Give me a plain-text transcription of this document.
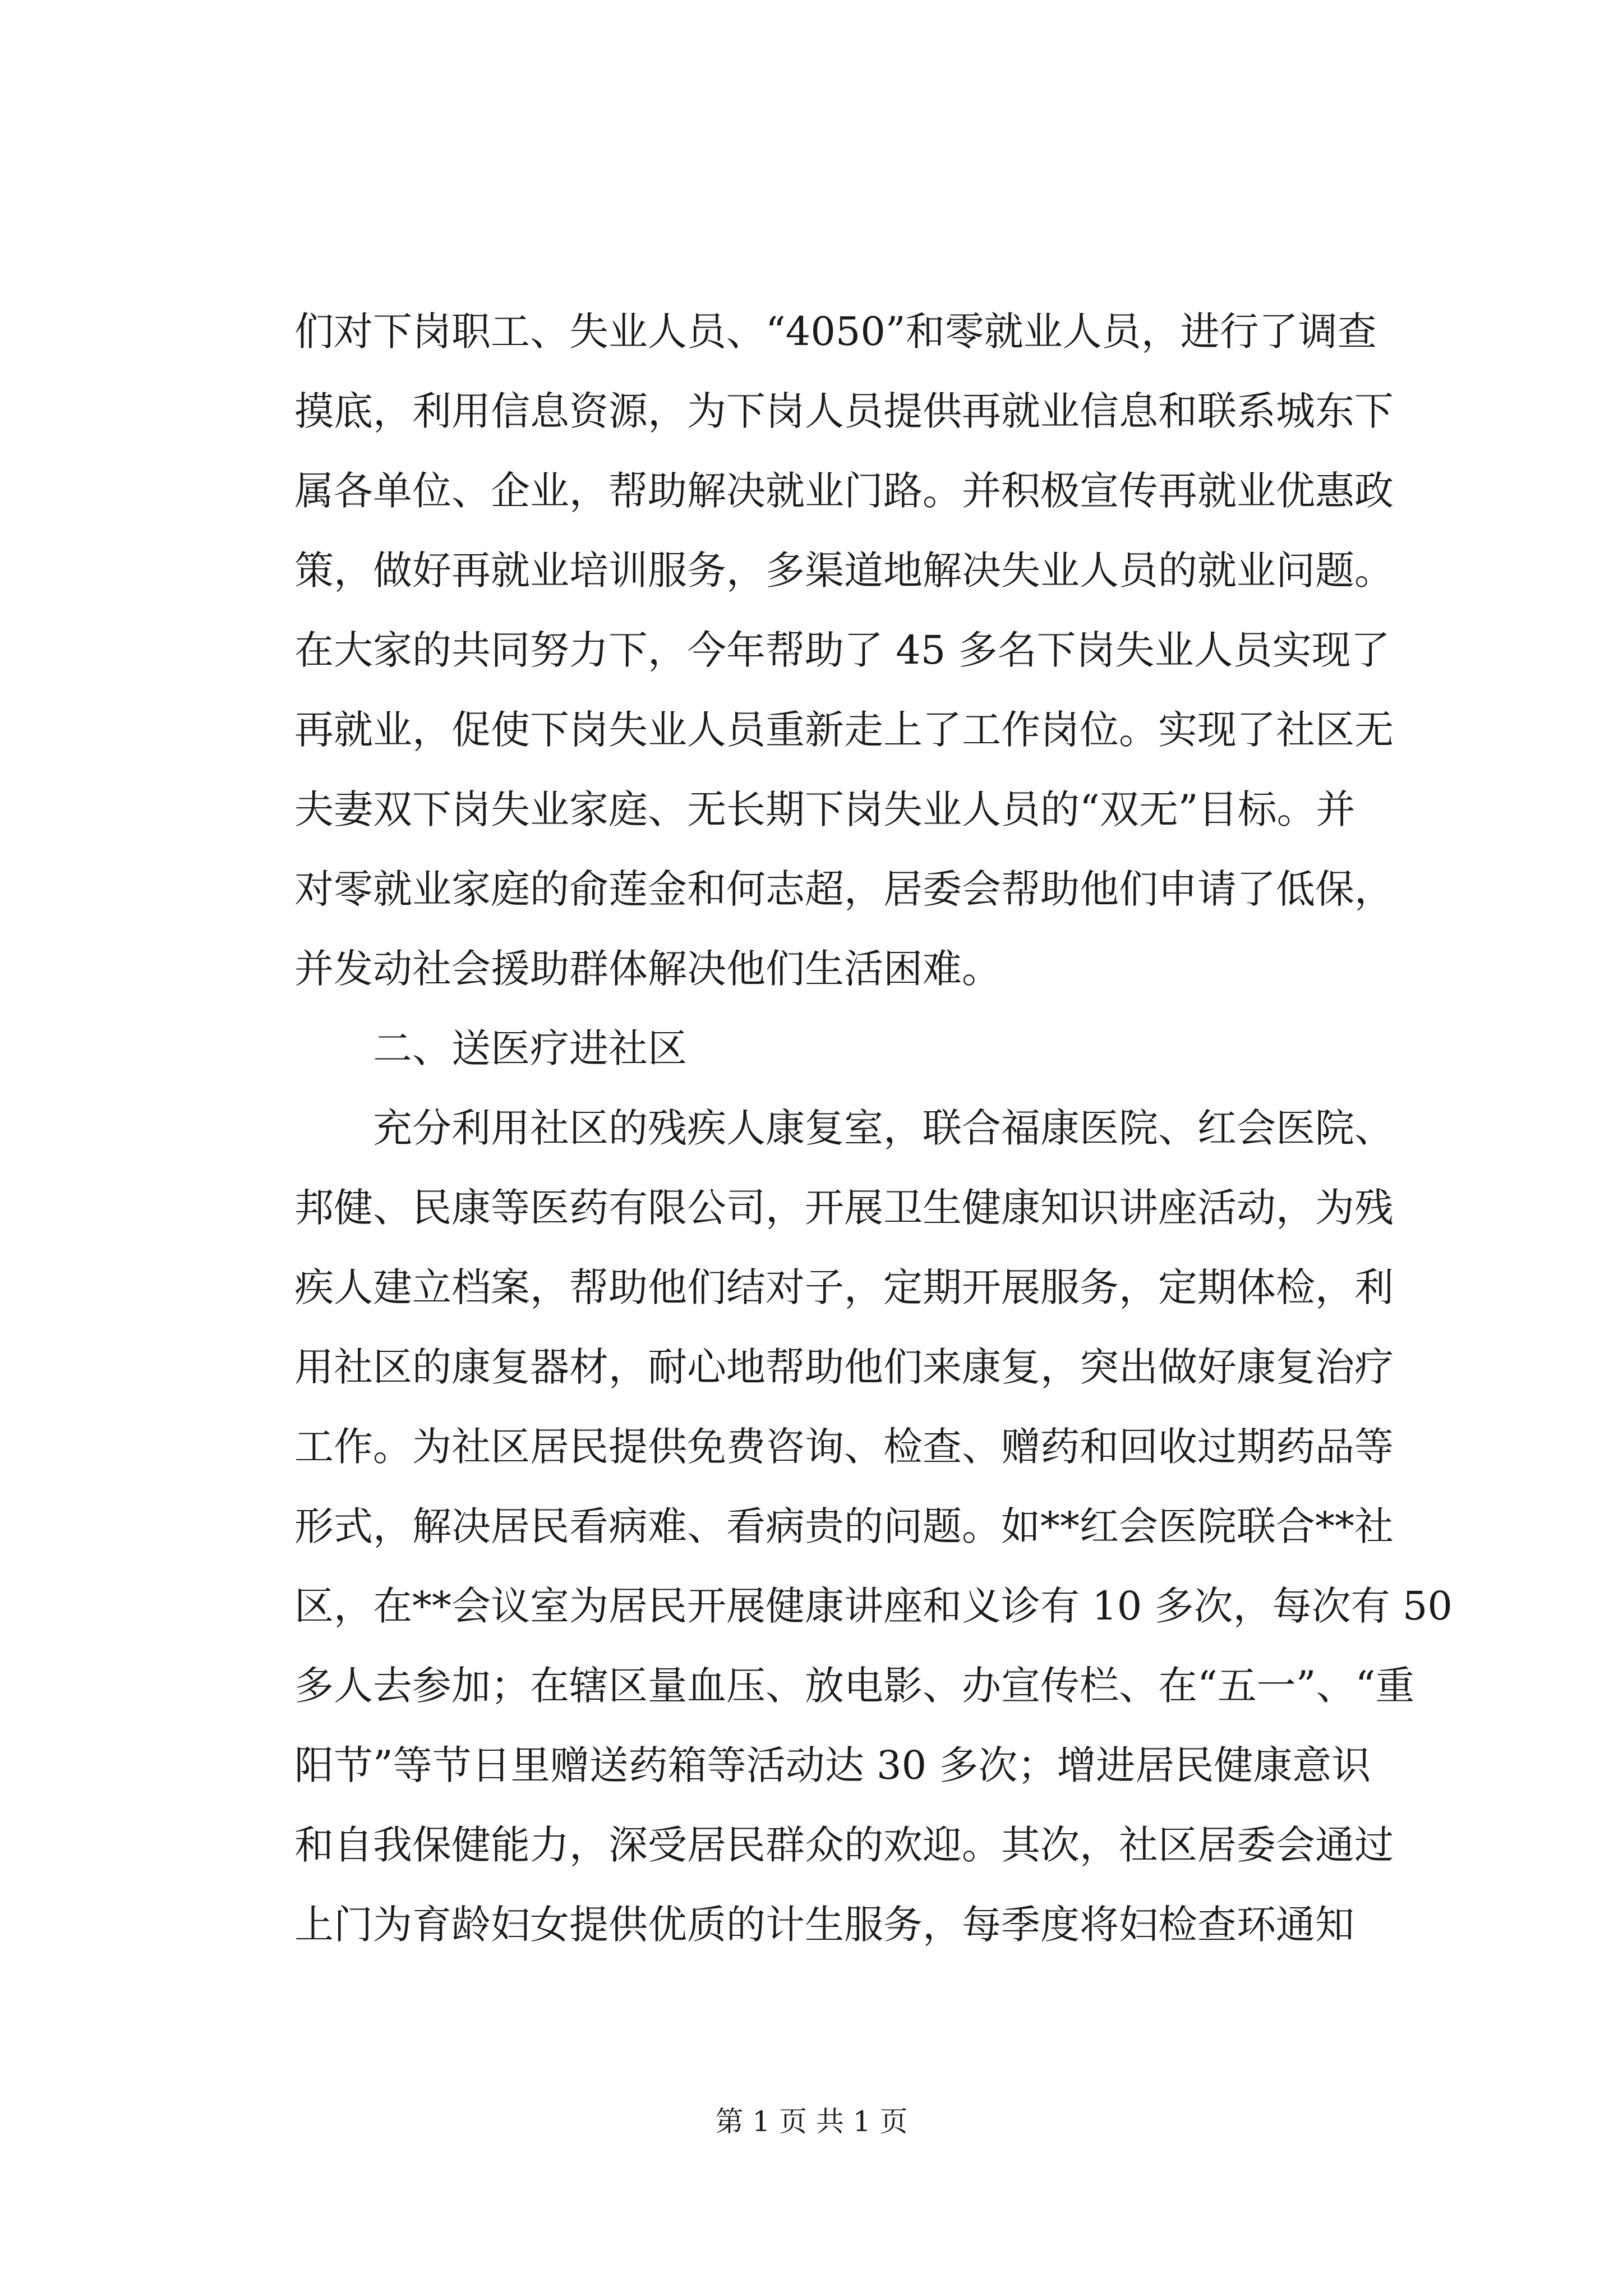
们对下岗职工、失业人员、“4050”和零就业人员，进行了调查
摸底，利用信息资源，为下岗人员提供再就业信息和联系城东下
属各单位、企业，帮助解决就业门路。并积极宣传再就业优惠政
策，做好再就业培训服务，多渠道地解决失业人员的就业问题。
在大家的共同努力下，今年帮助了 45 多名下岗失业人员实现了
再就业，促使下岗失业人员重新走上了工作岗位。实现了社区无
夫妻双下岗失业家庭、无长期下岗失业人员的“双无”目标。并
对零就业家庭的俞莲金和何志超，居委会帮助他们申请了低保，
并发动社会援助群体解决他们生活困难。
二、送医疗进社区
充分利用社区的残疾人康复室，联合福康医院、红会医院、
邦健、民康等医药有限公司，开展卫生健康知识讲座活动，为残
疾人建立档案，帮助他们结对子，定期开展服务，定期体检，利
用社区的康复器材，耐心地帮助他们来康复，突出做好康复治疗
工作。为社区居民提供免费咨询、检查、赠药和回收过期药品等
形式，解决居民看病难、看病贵的问题。如**红会医院联合**社
区，在**会议室为居民开展健康讲座和义诊有 10 多次，每次有 50
多人去参加；在辖区量血压、放电影、办宣传栏、在“五一”、“重
阳节”等节日里赠送药箱等活动达 30 多次；增进居民健康意识
和自我保健能力，深受居民群众的欢迎。其次，社区居委会通过
上门为育龄妇女提供优质的计生服务，每季度将妇检查环通知
第 1 页 共 1 页
